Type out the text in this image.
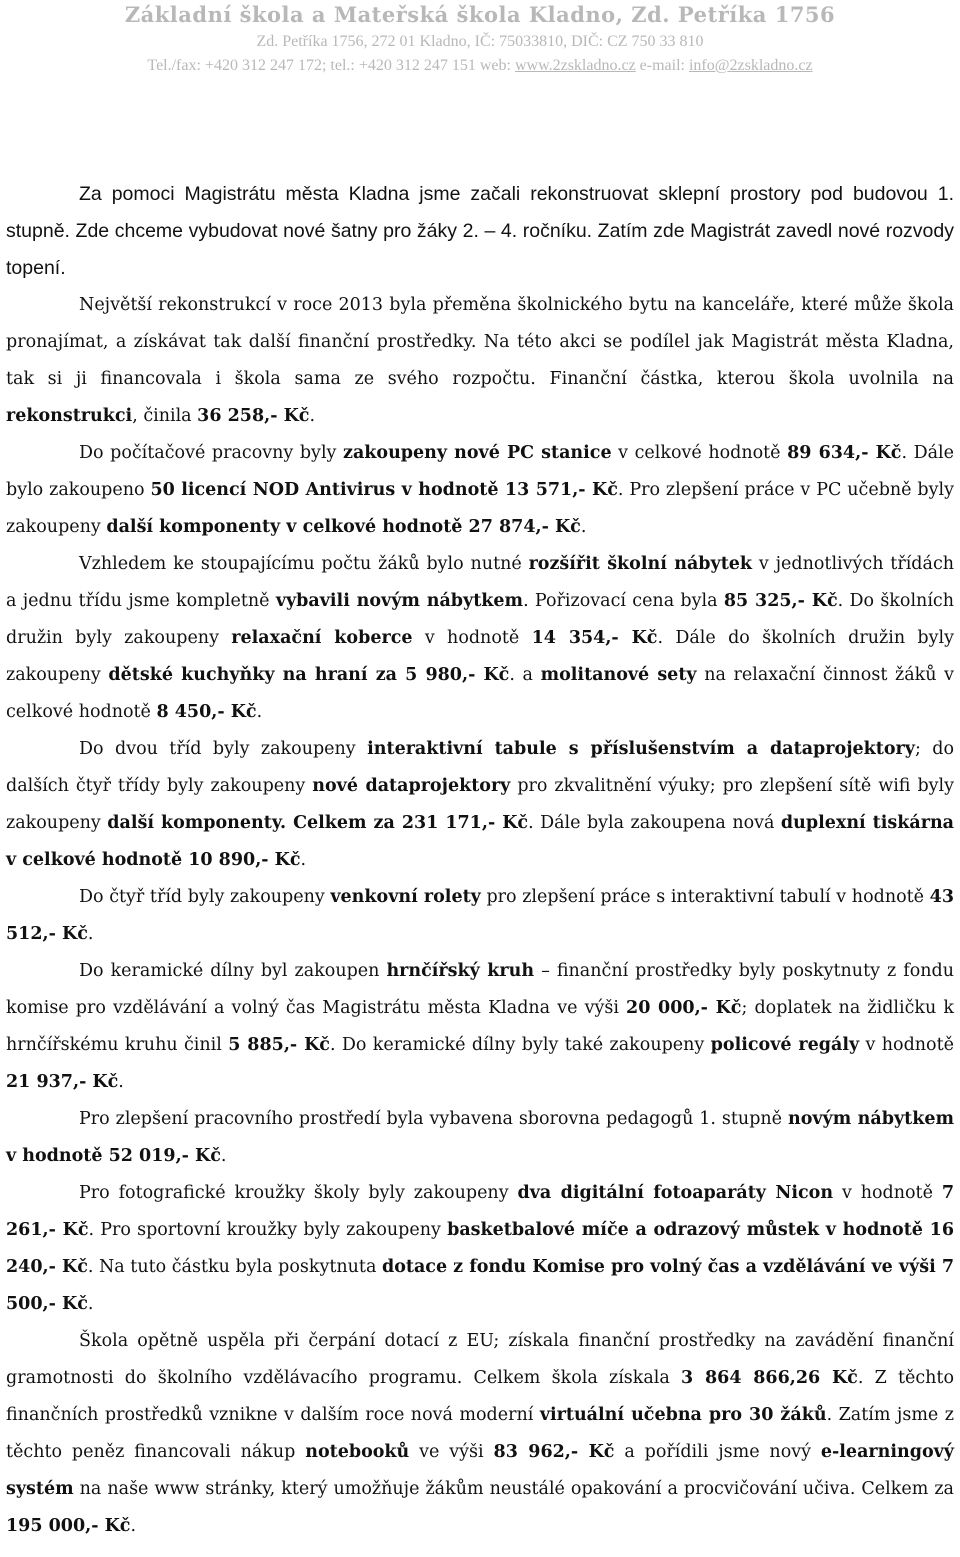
Základní škola a Mateřská škola Kladno, Zd. Petříka 1756
Zd. Petříka 1756, 272 01 Kladno, IČ: 75033810, DIČ: CZ 750 33 810
Tel./fax: +420 312 247 172; tel.: +420 312 247 151 web: www.2zskladno.cz e-mail: info@2zskladno.cz

Za pomoci Magistrátu města Kladna jsme začali rekonstruovat sklepní prostory pod budovou 1. stupně. Zde chceme vybudovat nové šatny pro žáky 2. – 4. ročníku. Zatím zde Magistrát zavedl nové rozvody topení.

Největší rekonstrukcí v roce 2013 byla přeměna školnického bytu na kanceláře, které může škola pronajímat, a získávat tak další finanční prostředky. Na této akci se podílel jak Magistrát města Kladna, tak si ji financovala i škola sama ze svého rozpočtu. Finanční částka, kterou škola uvolnila na rekonstrukci, činila 36 258,- Kč.

Do počítačové pracovny byly zakoupeny nové PC stanice v celkové hodnotě 89 634,- Kč. Dále bylo zakoupeno 50 licencí NOD Antivirus v hodnotě 13 571,- Kč. Pro zlepšení práce v PC učebně byly zakoupeny další komponenty v celkové hodnotě 27 874,- Kč.

Vzhledem ke stoupajícímu počtu žáků bylo nutné rozšířit školní nábytek v jednotlivých třídách a jednu třídu jsme kompletně vybavili novým nábytkem. Pořizovací cena byla 85 325,- Kč. Do školních družin byly zakoupeny relaxační koberce v hodnotě 14 354,- Kč. Dále do školních družin byly zakoupeny dětské kuchyňky na hraní za 5 980,- Kč. a molitanové sety na relaxační činnost žáků v celkové hodnotě 8 450,- Kč.

Do dvou tříd byly zakoupeny interaktivní tabule s příslušenstvím a dataprojektory; do dalších čtyř třídy byly zakoupeny nové dataprojektory pro zkvalitnění výuky; pro zlepšení sítě wifi byly zakoupeny další komponenty. Celkem za 231 171,- Kč. Dále byla zakoupena nová duplexní tiskárna v celkové hodnotě 10 890,- Kč.

Do čtyř tříd byly zakoupeny venkovní rolety pro zlepšení práce s interaktivní tabulí v hodnotě 43 512,- Kč.

Do keramické dílny byl zakoupen hrnčířský kruh – finanční prostředky byly poskytnuty z fondu komise pro vzdělávání a volný čas Magistrátu města Kladna ve výši 20 000,- Kč; doplatek na židličku k hrnčířskému kruhu činil 5 885,- Kč. Do keramické dílny byly také zakoupeny policové regály v hodnotě 21 937,- Kč.

Pro zlepšení pracovního prostředí byla vybavena sborovna pedagogů 1. stupně novým nábytkem v hodnotě 52 019,- Kč.

Pro fotografické kroužky školy byly zakoupeny dva digitální fotoaparáty Nicon v hodnotě 7 261,- Kč. Pro sportovní kroužky byly zakoupeny basketbalové míče a odrazový můstek v hodnotě 16 240,- Kč. Na tuto částku byla poskytnuta dotace z fondu Komise pro volný čas a vzdělávání ve výši 7 500,- Kč.

Škola opětně uspěla při čerpání dotací z EU; získala finanční prostředky na zavádění finanční gramotnosti do školního vzdělávacího programu. Celkem škola získala 3 864 866,26 Kč. Z těchto finančních prostředků vznikne v dalším roce nová moderní virtuální učebna pro 30 žáků. Zatím jsme z těchto peněz financovali nákup notebooků ve výši 83 962,- Kč a pořídili jsme nový e-learningový systém na naše www stránky, který umožňuje žákům neustálé opakování a procvičování učiva. Celkem za 195 000,- Kč.
